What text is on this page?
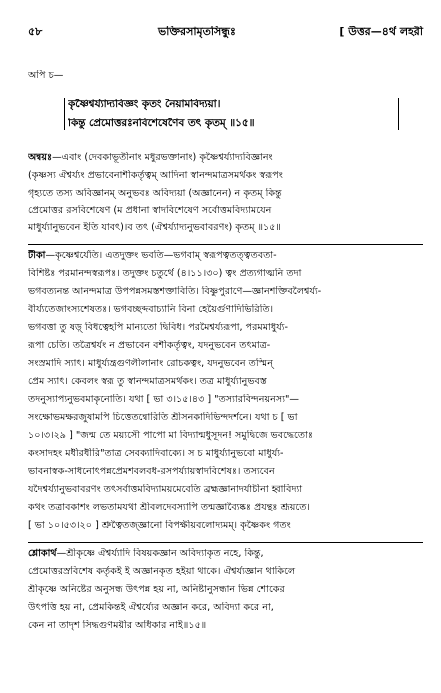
৫৮	ভক্তিরসামৃতসিন্ধুঃ	[ উত্তর—৪র্থ লহরী
অপি চ—
কৃষ্ণৈশ্বর্য্যাদ্যবিজ্ঞং কৃতং নৈয়ামবিদ্যয়া।
কিন্তু প্রেমোত্তরঃনবিশেষেণৈব তৎ কৃতম্‌ ॥১৫॥
অন্বয়ঃ—এবাং (দেবকাভূতীনাং মধুরভক্তানাং) কৃষ্ণৈশ্বর্য্যাদ্যবিজ্ঞানং
(কৃষ্ণস্য ঐশ্বর্য্যং প্রভাবেনাশীকর্তৃত্বম্ আদিনা স্বানন্দমাত্রসমর্থকং স্বরূপং
গৃহ্যতে তস্য অবিজ্ঞানম্ অনুভবঃ অবিদ্যয়া (অজ্ঞানেন) ন কৃতম্ কিন্তু
প্রেমোত্তর রসবিশেষেণ (ম প্রধানা স্বাদবিশেষেণ সর্বোত্তমবিদ্যামযেন
মাধুর্য্যানুভবেন ইতি যাবৎ)।ব তৎ (ঐশ্বর্য্যাদ্যনুভবাবরণং) কৃতম্ ॥১৫॥
টীকা—কৃষ্ণেশ্বর্যেতি। এতদুক্তং ভবতি—ভগবাম্ স্বরূপত্বতত্ত্বতবতা-
বিশিষ্টঃ পরমানন্দস্বরূপঃ। তদুক্তং চতুর্থে (৪।১১।৩০) ত্বং প্রত্যগাত্মনি তদা
ভগবত্যনন্ত আনন্দমাত্র উপপন্নসমস্তশক্তাবিতি। বিষ্ণুপুরাণে—জ্ঞানশক্তিবলৈশ্বর্য্য-
বীর্য্যতেজাংস্যশেষতঃ। ভগবচ্ছব্দবাচ্যানি বিনা হেয়ৈর্গুণাদিভিরিতি।
ভগবত্তা তু ষড়্‌ বিধত্বেহপি মান্যতো দ্বিবিধ। পরমৈশ্বর্য্যরূপা, পরমমাধুর্য্য-
রূপা চেতি। তত্রৈশ্বর্যং ন প্রভাবেন বশীকর্তৃত্বং, যদনুভবেন তৎমাত্র-
সংস্রমাদি স্যাৎ। মাধুর্য্যন্ত্রগুণলীলানাং রোচকত্বং, যদনুভবেন তস্মিন্
প্রেম স্যাৎ। কেবলং স্বরূ তু স্বানন্দমাত্রসমর্থকং। তত্র মাধুর্য্যানুভবস্ত
তদনুস্যাপ্যনুভবমাকৃনোতি। যথা [ ভা ৩।১৫।৪৩ ] "তস্যারবিন্দনয়নস্য"—
সংক্ষোভমক্ষরজুষামপি চিত্তেতন্বোরিতি শ্রীসনকাদিভিন্দদর্শনে। যথা চ [ ভা
১০।৩।২৯ ] "জন্ম তে ময়্যসৌ পাপো মা বিদ্যান্মধুসূদন! সমুদ্বিজে ভবদ্ধেতোঃ
কংসাদহং মধীরধীরি"তাত্র সেবক্যাদিবাক্যে। স চ মাধুর্য্যানুভবো মাধুর্য্য-
ভাবনাস্বক-সাধনোৎপন্নপ্রেমশবলবধ-রসপর্য্যায়স্বাদবিশেষঃ। তস্যবেন
যদৈশ্বর্য্যানুভবাবরণং তৎসর্বাত্তমবিদ্যাময়মেবেতি ব্রহ্মজ্ঞানাদর্যাচীনা হ্বাবিদ্যা
কথং তত্ৰাবকাশং লভতামযথা শ্রীবলদেবস্যাপি তন্মজ্ঞাব্যৈষ্কঃ প্রযন্থঃ শ্রূয়তে।
[ ভা ১০।৫৩।২০ ] শ্রুত্বৈতজ্জ্ঞানো বিপক্ষীয়বলোদ্যমম্। কৃষ্ণৈকং গতং
শ্লোকার্থ—শ্রীকৃষ্ণে ঐশ্বর্য্যাদি বিষয়কজ্ঞান অবিদ্যাকৃত নহে, কিন্তু,
প্রেমোত্তরস্রবিশেষ কর্তৃকই ই অজ্ঞানকৃত হইয়া থাকে। ঐশ্বর্য্যজ্ঞান থাকিলে
শ্রীকৃষ্ণে অনিষ্টের অনুসন্ধ উৎপন্ন হয় না, অনিষ্টানুসন্ধান ভিন্ন শোকের
উৎপত্তি হয় না, প্রেমকিন্তই ঐশ্বর্য্যের অজ্ঞান করে, অবিদ্যা করে না,
কেন না তাদৃশ সিদ্ধগুণময়ীর অধিকার নাই॥১৫॥
